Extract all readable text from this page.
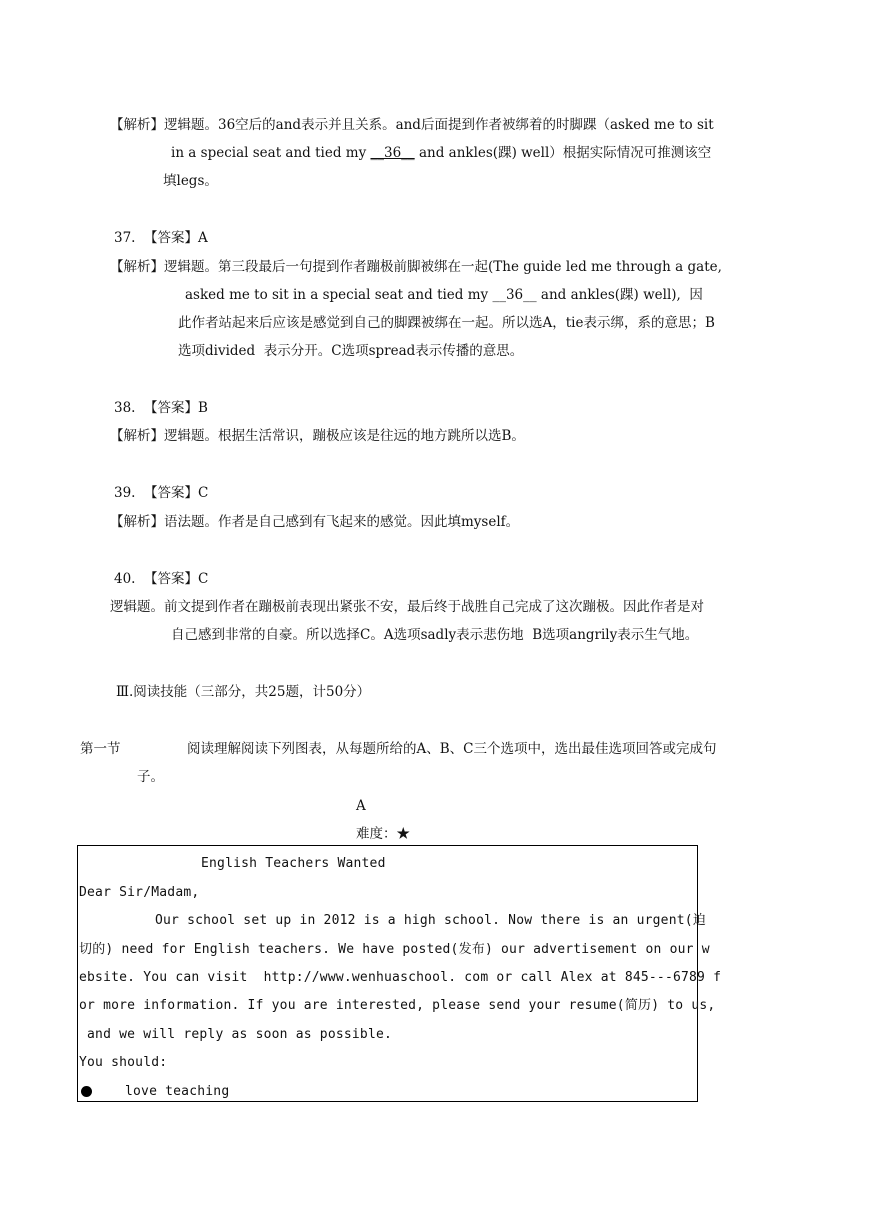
【解析】逻辑题。36空后的and表示并且关系。and后面提到作者被绑着的时脚踝（asked me to sit
in a special seat and tied my __36__ and ankles(踝) well）根据实际情况可推测该空
填legs。
37.  【答案】A
【解析】逻辑题。第三段最后一句提到作者蹦极前脚被绑在一起(The guide led me through a gate,
asked me to sit in a special seat and tied my __36__ and ankles(踝) well),  因
此作者站起来后应该是感觉到自己的脚踝被绑在一起。所以选A，tie表示绑，系的意思；B
选项divided  表示分开。C选项spread表示传播的意思。
38.  【答案】B
【解析】逻辑题。根据生活常识，蹦极应该是往远的地方跳所以选B。
39.  【答案】C
【解析】语法题。作者是自己感到有飞起来的感觉。因此填myself。
40.  【答案】C
逻辑题。前文提到作者在蹦极前表现出紧张不安，最后终于战胜自己完成了这次蹦极。因此作者是对
自己感到非常的自豪。所以选择C。A选项sadly表示悲伤地  B选项angrily表示生气地。
Ⅲ.阅读技能（三部分，共25题，计50分）
第一节	阅读理解阅读下列图表，从每题所给的A、B、C三个选项中，选出最佳选项回答或完成句
子。
A
难度：★
English Teachers Wanted
Dear Sir/Madam,
Our school set up in 2012 is a high school. Now there is an urgent(迫
切的) need for English teachers. We have posted(发布) our advertisement on our w
ebsite. You can visit  http://www.wenhuaschool. com or call Alex at 845---6789 f
or more information. If you are interested, please send your resume(简历) to us,
and we will reply as soon as possible.
You should:
love teaching
